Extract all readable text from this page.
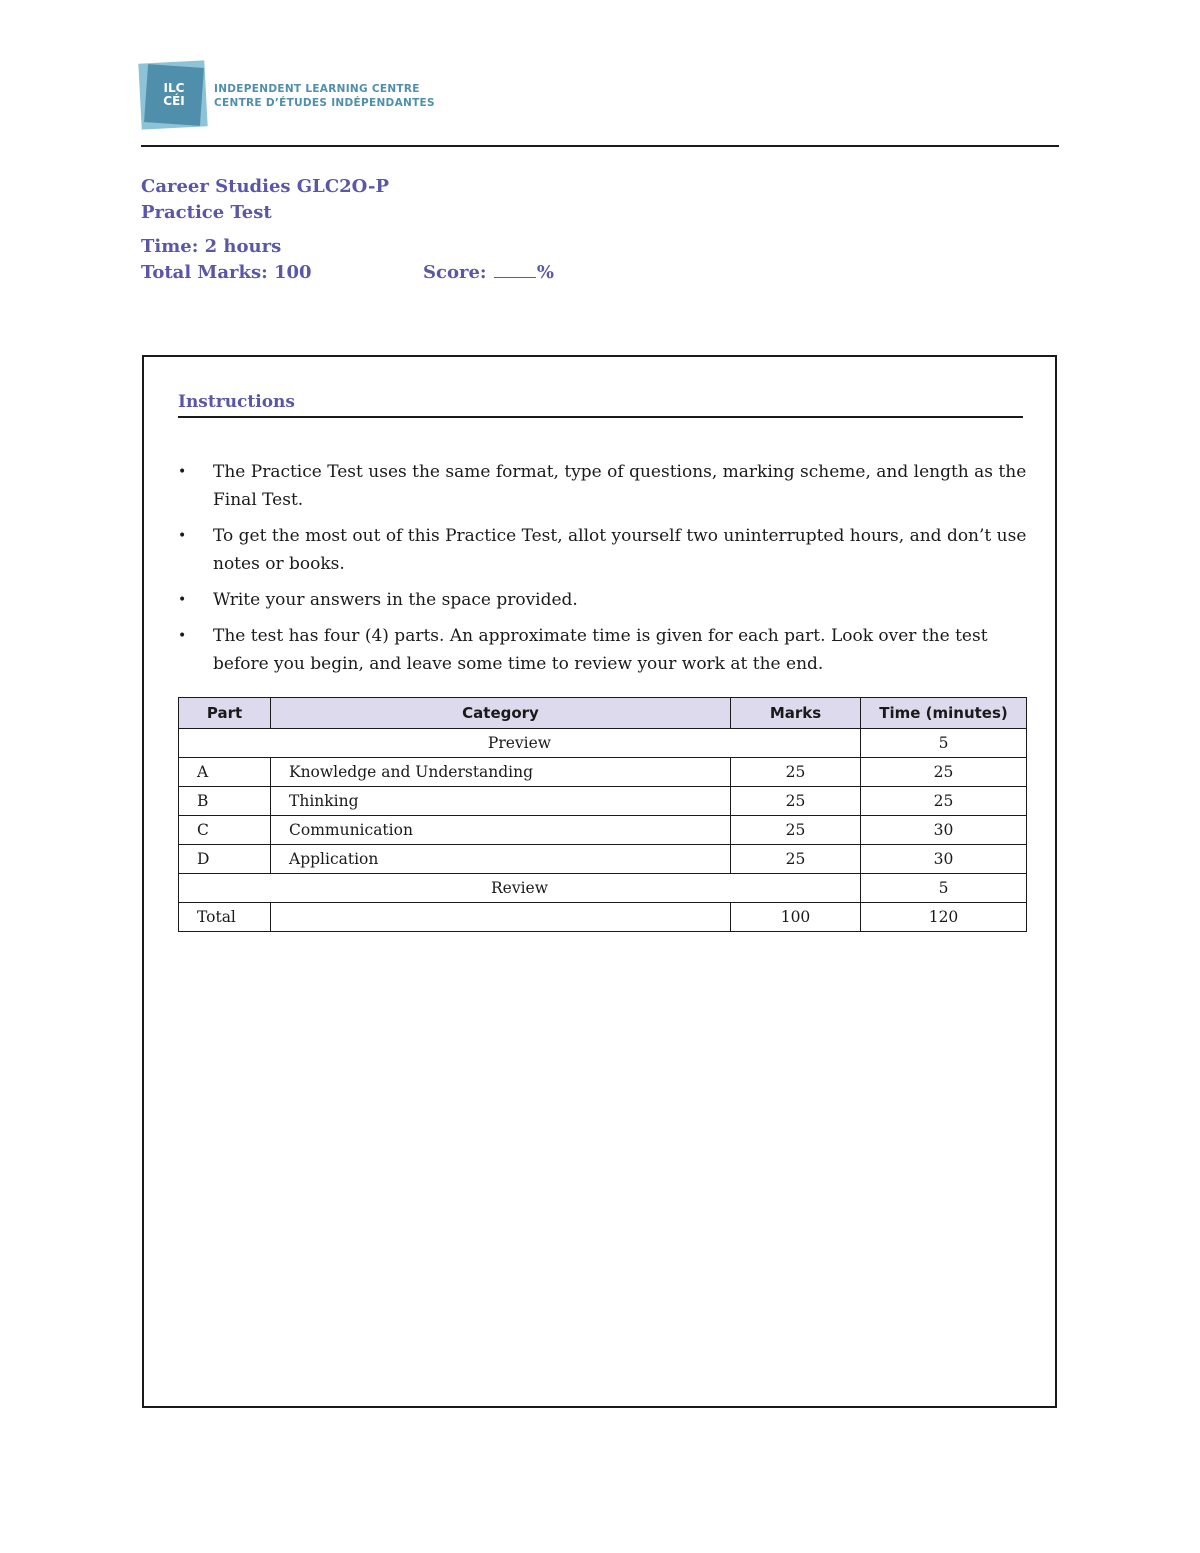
ILC CÉI
INDEPENDENT LEARNING CENTRE
CENTRE D’ÉTUDES INDÉPENDANTES
Career Studies GLC2O-P
Practice Test
Time: 2 hours
Total Marks: 100	Score:	%
Instructions
• The Practice Test uses the same format, type of questions, marking scheme, and length as the Final Test.
• To get the most out of this Practice Test, allot yourself two uninterrupted hours, and don’t use notes or books.
• Write your answers in the space provided.
• The test has four (4) parts. An approximate time is given for each part. Look over the test before you begin, and leave some time to review your work at the end.
Part	Category	Marks	Time (minutes)
Preview			5
A	Knowledge and Understanding	25	25
B	Thinking	25	25
C	Communication	25	30
D	Application	25	30
Review			5
Total		100	120
